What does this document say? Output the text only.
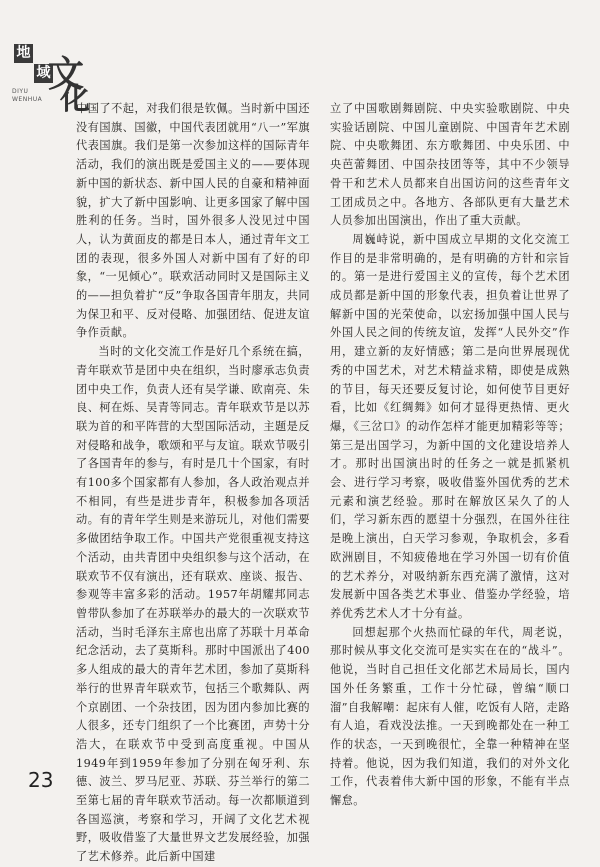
地
域
文
化
DIYU
WENHUA

中国了不起，对我们很是钦佩。当时新中国还没有国旗、国徽，中国代表团就用“八一”军旗代表国旗。我们是第一次参加这样的国际青年活动，我们的演出既是爱国主义的——要体现新中国的新状态、新中国人民的自豪和精神面貌，扩大了新中国影响、让更多国家了解中国胜利的任务。当时，国外很多人没见过中国人，认为黄面皮的都是日本人，通过青年文工团的表现，很多外国人对新中国有了好的印象，“一见倾心”。联欢活动同时又是国际主义的——担负着扩“反”争取各国青年朋友，共同为保卫和平、反对侵略、加强团结、促进友谊争作贡献。

当时的文化交流工作是好几个系统在搞，青年联欢节是团中央在组织，当时廖承志负责团中央工作，负责人还有吴学谦、欧南亮、朱良、柯在烁、吴青等同志。青年联欢节是以苏联为首的和平阵营的大型国际活动，主题是反对侵略和战争，歌颂和平与友谊。联欢节吸引了各国青年的参与，有时是几十个国家，有时有100多个国家都有人参加，各人政治观点并不相同，有些是进步青年，积极参加各项活动。有的青年学生则是来游玩儿，对他们需要多做团结争取工作。中国共产党很重视支持这个活动，由共青团中央组织参与这个活动，在联欢节不仅有演出，还有联欢、座谈、报告、参观等丰富多彩的活动。1957年胡耀邦同志曾带队参加了在苏联举办的最大的一次联欢节活动，当时毛泽东主席也出席了苏联十月革命纪念活动，去了莫斯科。那时中国派出了400多人组成的最大的青年艺术团，参加了莫斯科举行的世界青年联欢节，包括三个歌舞队、两个京剧团、一个杂技团，因为团内参加比赛的人很多，还专门组织了一个比赛团，声势十分浩大，在联欢节中受到高度重视。中国从1949年到1959年参加了分别在匈牙利、东德、波兰、罗马尼亚、苏联、芬兰举行的第二至第七届的青年联欢节活动。每一次都顺道到各国巡演，考察和学习，开阔了文化艺术视野，吸收借鉴了大量世界文艺发展经验，加强了艺术修养。此后新中国建

立了中国歌剧舞剧院、中央实验歌剧院、中央实验话剧院、中国儿童剧院、中国青年艺术剧院、中央歌舞团、东方歌舞团、中央乐团、中央芭蕾舞团、中国杂技团等等，其中不少领导骨干和艺术人员都来自出国访问的这些青年文工团成员之中。各地方、各部队更有大量艺术人员参加出国演出，作出了重大贡献。

周巍峙说，新中国成立早期的文化交流工作目的是非常明确的，是有明确的方针和宗旨的。第一是进行爱国主义的宣传，每个艺术团成员都是新中国的形象代表，担负着让世界了解新中国的光荣使命，以宏扬加强中国人民与外国人民之间的传统友谊，发挥“人民外交”作用，建立新的友好情感；第二是向世界展现优秀的中国艺术，对艺术精益求精，即使是成熟的节目，每天还要反复讨论，如何使节目更好看，比如《红绸舞》如何才显得更热情、更火爆，《三岔口》的动作怎样才能更加精彩等等；第三是出国学习，为新中国的文化建设培养人才。那时出国演出时的任务之一就是抓紧机会、进行学习考察，吸收借鉴外国优秀的艺术元素和演艺经验。那时在解放区呆久了的人们，学习新东西的愿望十分强烈，在国外往往是晚上演出，白天学习参观，争取机会，多看欧洲剧目，不知疲倦地在学习外国一切有价值的艺术养分，对吸纳新东西充满了激情，这对发展新中国各类艺术事业、借鉴办学经验，培养优秀艺术人才十分有益。

回想起那个火热而忙碌的年代，周老说，那时候从事文化交流可是实实在在的“战斗”。他说，当时自己担任文化部艺术局局长，国内国外任务繁重，工作十分忙碌，曾编“顺口溜”自我解嘲：起床有人催，吃饭有人陪，走路有人追，看戏没法推。一天到晚都处在一种工作的状态，一天到晚很忙，全靠一种精神在坚持着。他说，因为我们知道，我们的对外文化工作，代表着伟大新中国的形象，不能有半点懈怠。

23
